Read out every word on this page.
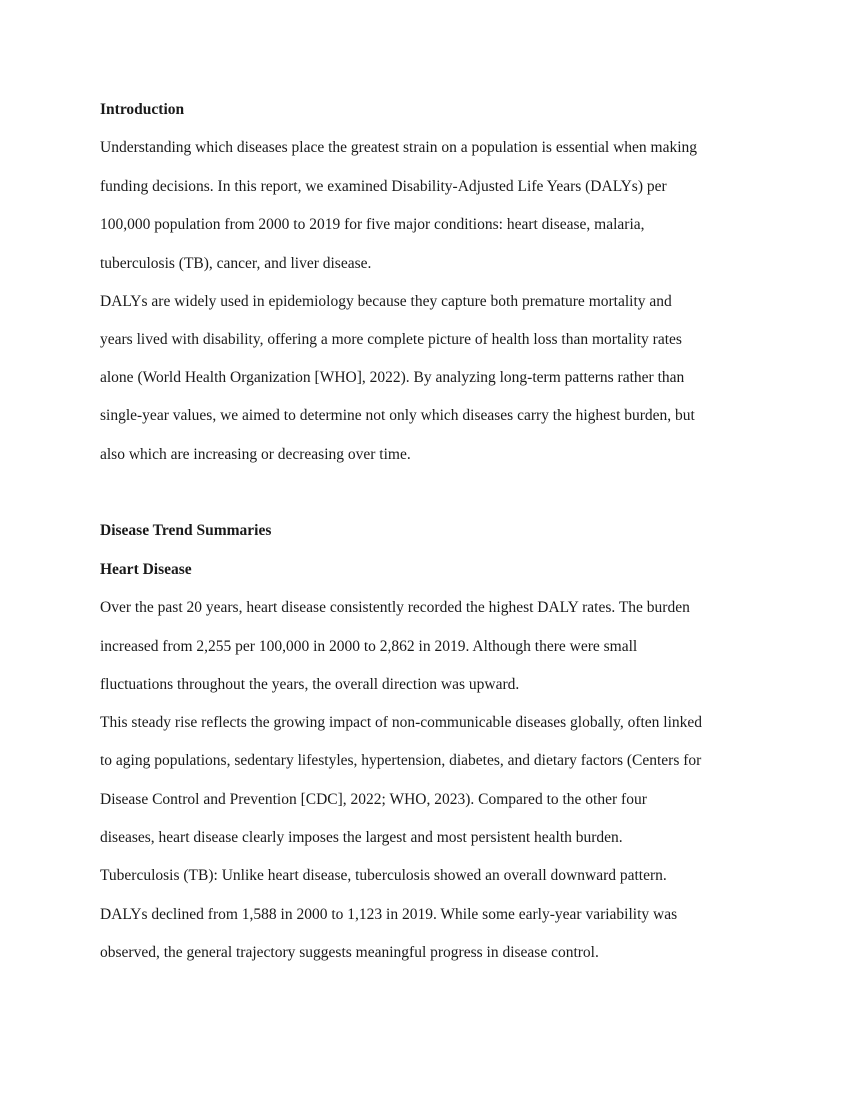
Introduction

Understanding which diseases place the greatest strain on a population is essential when making

funding decisions. In this report, we examined Disability-Adjusted Life Years (DALYs) per

100,000 population from 2000 to 2019 for five major conditions: heart disease, malaria,

tuberculosis (TB), cancer, and liver disease.

DALYs are widely used in epidemiology because they capture both premature mortality and

years lived with disability, offering a more complete picture of health loss than mortality rates

alone (World Health Organization [WHO], 2022). By analyzing long-term patterns rather than

single-year values, we aimed to determine not only which diseases carry the highest burden, but

also which are increasing or decreasing over time.

Disease Trend Summaries

Heart Disease

Over the past 20 years, heart disease consistently recorded the highest DALY rates. The burden

increased from 2,255 per 100,000 in 2000 to 2,862 in 2019. Although there were small

fluctuations throughout the years, the overall direction was upward.

This steady rise reflects the growing impact of non-communicable diseases globally, often linked

to aging populations, sedentary lifestyles, hypertension, diabetes, and dietary factors (Centers for

Disease Control and Prevention [CDC], 2022; WHO, 2023). Compared to the other four

diseases, heart disease clearly imposes the largest and most persistent health burden.

Tuberculosis (TB): Unlike heart disease, tuberculosis showed an overall downward pattern.

DALYs declined from 1,588 in 2000 to 1,123 in 2019. While some early-year variability was

observed, the general trajectory suggests meaningful progress in disease control.
